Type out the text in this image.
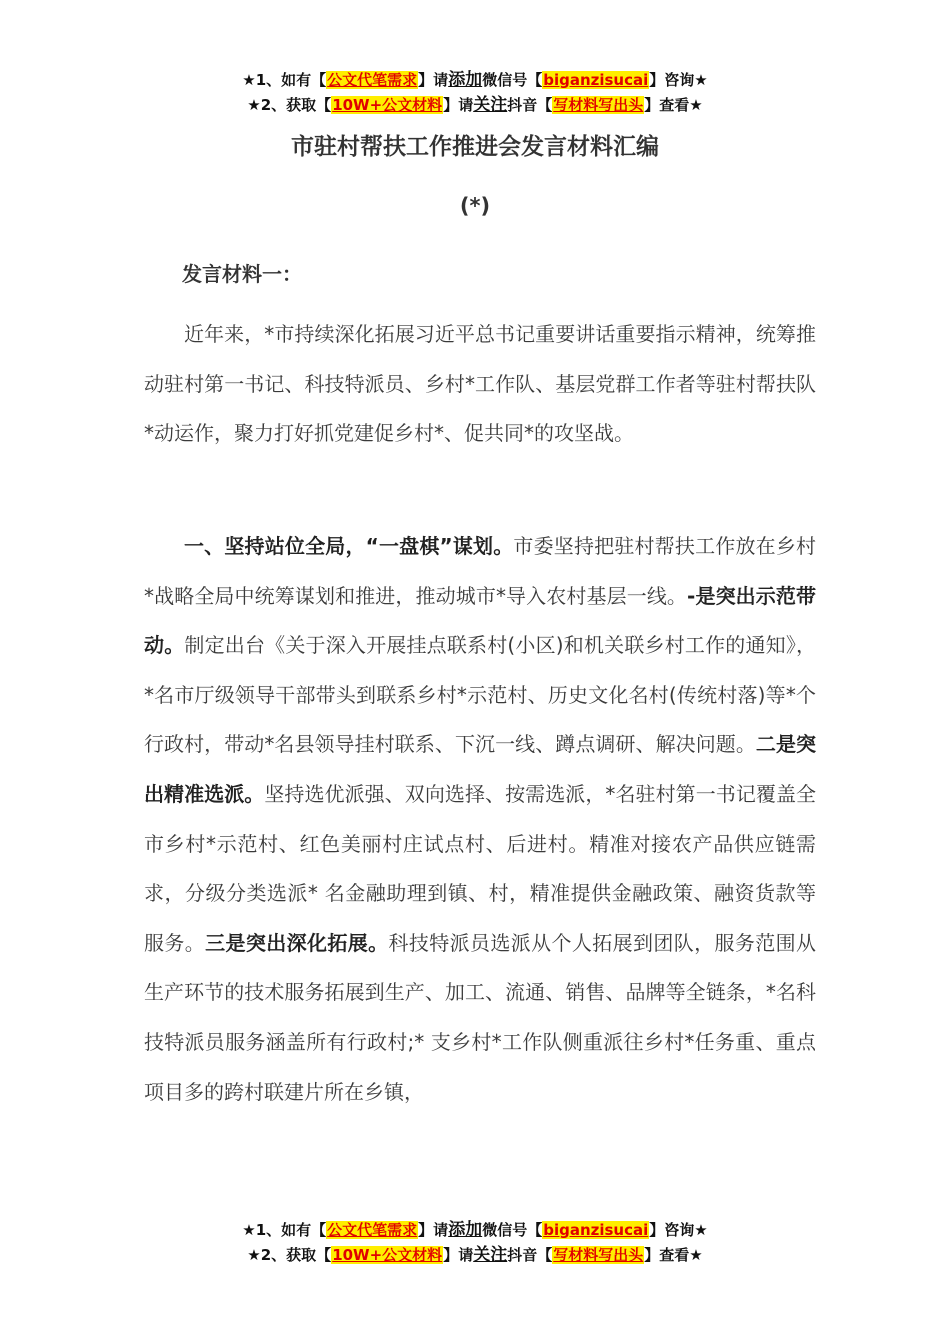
★1、如有【公文代笔需求】请添加微信号【biganzisucai】咨询★
★2、获取【10W+公文材料】请关注抖音【写材料写出头】查看★
市驻村帮扶工作推进会发言材料汇编
(*)
发言材料一：

近年来，*市持续深化拓展习近平总书记重要讲话重要指示精神，统筹推动驻村第一书记、科技特派员、乡村*工作队、基层党群工作者等驻村帮扶队*动运作，聚力打好抓党建促乡村*、促共同*的攻坚战。

一、坚持站位全局，“一盘棋”谋划。市委坚持把驻村帮扶工作放在乡村*战略全局中统筹谋划和推进，推动城市*导入农村基层一线。-是突出示范带动。制定出台《关于深入开展挂点联系村(小区)和机关联乡村工作的通知》，*名市厅级领导干部带头到联系乡村*示范村、历史文化名村(传统村落)等*个行政村，带动*名县领导挂村联系、下沉一线、蹲点调研、解决问题。二是突出精准选派。坚持选优派强、双向选择、按需选派，*名驻村第一书记覆盖全市乡村*示范村、红色美丽村庄试点村、后进村。精准对接农产品供应链需求，分级分类选派* 名金融助理到镇、村，精准提供金融政策、融资货款等服务。三是突出深化拓展。科技特派员选派从个人拓展到团队，服务范围从生产环节的技术服务拓展到生产、加工、流通、销售、品牌等全链条，*名科技特派员服务涵盖所有行政村;* 支乡村*工作队侧重派往乡村*任务重、重点项目多的跨村联建片所在乡镇，

★1、如有【公文代笔需求】请添加微信号【biganzisucai】咨询★
★2、获取【10W+公文材料】请关注抖音【写材料写出头】查看★
